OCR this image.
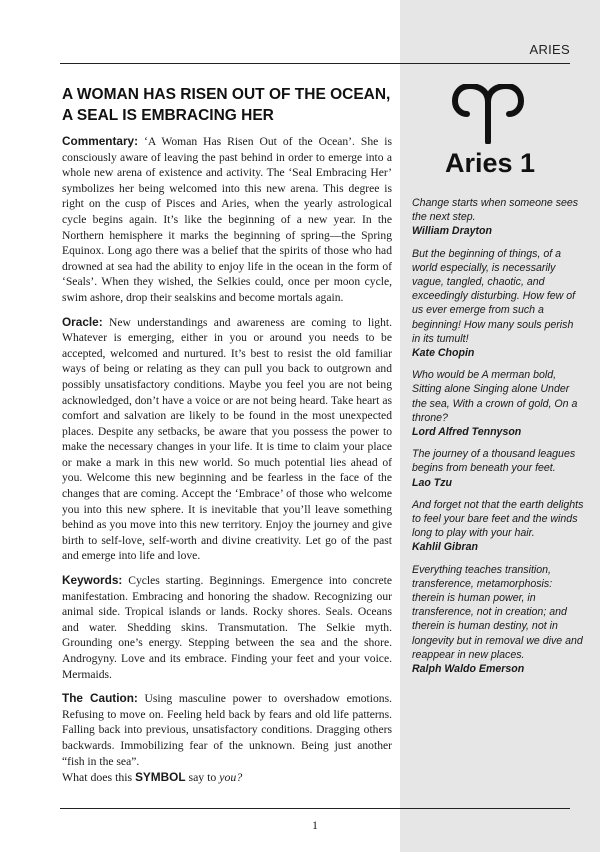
ARIES
A WOMAN HAS RISEN OUT OF THE OCEAN, A SEAL IS EMBRACING HER

Commentary: ‘A Woman Has Risen Out of the Ocean’. She is consciously aware of leaving the past behind in order to emerge into a whole new arena of existence and activity. The ‘Seal Embracing Her’ symbolizes her being welcomed into this new arena. This degree is right on the cusp of Pisces and Aries, when the yearly astrological cycle begins again. It’s like the beginning of a new year. In the Northern hemisphere it marks the beginning of spring—the Spring Equinox. Long ago there was a belief that the spirits of those who had drowned at sea had the ability to enjoy life in the ocean in the form of ‘Seals’. When they wished, the Selkies could, once per moon cycle, swim ashore, drop their sealskins and become mortals again.

Oracle: New understandings and awareness are coming to light. Whatever is emerging, either in you or around you needs to be accepted, welcomed and nurtured. It’s best to resist the old familiar ways of being or relating as they can pull you back to outgrown and possibly unsatisfactory conditions. Maybe you feel you are not being acknowledged, don’t have a voice or are not being heard. Take heart as comfort and salvation are likely to be found in the most unexpected places. Despite any setbacks, be aware that you possess the power to make the necessary changes in your life. It is time to claim your place or make a mark in this new world. So much potential lies ahead of you. Welcome this new beginning and be fearless in the face of the changes that are coming. Accept the ‘Embrace’ of those who welcome you into this new sphere. It is inevitable that you’ll leave something behind as you move into this new territory. Enjoy the journey and give birth to self-love, self-worth and divine creativity. Let go of the past and emerge into life and love.

Keywords: Cycles starting. Beginnings. Emergence into concrete manifestation. Embracing and honoring the shadow. Recognizing our animal side. Tropical islands or lands. Rocky shores. Seals. Oceans and water. Shedding skins. Transmutation. The Selkie myth. Grounding one’s energy. Stepping between the sea and the shore. Androgyny. Love and its embrace. Finding your feet and your voice. Mermaids.

The Caution: Using masculine power to overshadow emotions. Refusing to move on. Feeling held back by fears and old life patterns. Falling back into previous, unsatisfactory conditions. Dragging others backwards. Immobilizing fear of the unknown. Being just another “fish in the sea”.

What does this SYMBOL say to you?
Aries 1
Change starts when someone sees the next step.
William Drayton
But the beginning of things, of a world especially, is necessarily vague, tangled, chaotic, and exceedingly disturbing. How few of us ever emerge from such a beginning! How many souls perish in its tumult!
Kate Chopin
Who would be A merman bold, Sitting alone Singing alone Under the sea, With a crown of gold, On a throne?
Lord Alfred Tennyson
The journey of a thousand leagues begins from beneath your feet.
Lao Tzu
And forget not that the earth delights to feel your bare feet and the winds long to play with your hair.
Kahlil Gibran
Everything teaches transition, transference, metamorphosis: therein is human power, in transference, not in creation; and therein is human destiny, not in longevity but in removal we dive and reappear in new places.
Ralph Waldo Emerson
1
